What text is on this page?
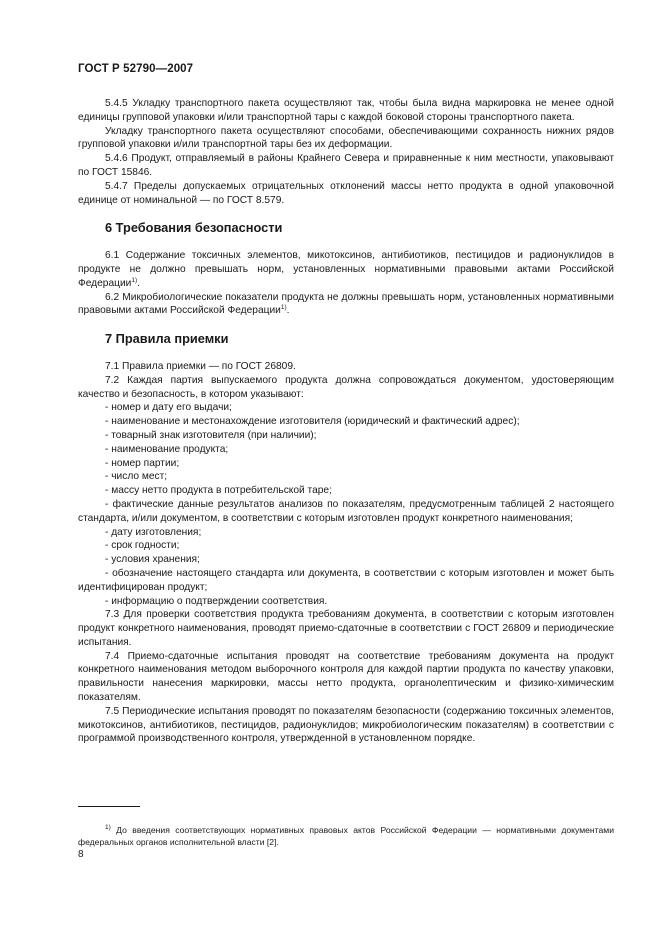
ГОСТ Р 52790—2007

5.4.5 Укладку транспортного пакета осуществляют так, чтобы была видна маркировка не менее одной единицы групповой упаковки и/или транспортной тары с каждой боковой стороны транспортного пакета.

Укладку транспортного пакета осуществляют способами, обеспечивающими сохранность нижних рядов групповой упаковки и/или транспортной тары без их деформации.

5.4.6 Продукт, отправляемый в районы Крайнего Севера и приравненные к ним местности, упаковывают по ГОСТ 15846.

5.4.7 Пределы допускаемых отрицательных отклонений массы нетто продукта в одной упаковочной единице от номинальной — по ГОСТ 8.579.

6 Требования безопасности

6.1 Содержание токсичных элементов, микотоксинов, антибиотиков, пестицидов и радионуклидов в продукте не должно превышать норм, установленных нормативными правовыми актами Российской Федерации$^{1)}$.

6.2 Микробиологические показатели продукта не должны превышать норм, установленных нормативными правовыми актами Российской Федерации$^{1)}$.

7 Правила приемки

7.1 Правила приемки — по ГОСТ 26809.

7.2 Каждая партия выпускаемого продукта должна сопровождаться документом, удостоверяющим качество и безопасность, в котором указывают:

- номер и дату его выдачи;

- наименование и местонахождение изготовителя (юридический и фактический адрес);

- товарный знак изготовителя (при наличии);

- наименование продукта;

- номер партии;

- число мест;

- массу нетто продукта в потребительской таре;

- фактические данные результатов анализов по показателям, предусмотренным таблицей 2 настоящего стандарта, и/или документом, в соответствии с которым изготовлен продукт конкретного наименования;

- дату изготовления;

- срок годности;

- условия хранения;

- обозначение настоящего стандарта или документа, в соответствии с которым изготовлен и может быть идентифицирован продукт;

- информацию о подтверждении соответствия.

7.3 Для проверки соответствия продукта требованиям документа, в соответствии с которым изготовлен продукт конкретного наименования, проводят приемо-сдаточные в соответствии с ГОСТ 26809 и периодические испытания.

7.4 Приемо-сдаточные испытания проводят на соответствие требованиям документа на продукт конкретного наименования методом выборочного контроля для каждой партии продукта по качеству упаковки, правильности нанесения маркировки, массы нетто продукта, органолептическим и физико-химическим показателям.

7.5 Периодические испытания проводят по показателям безопасности (содержанию токсичных элементов, микотоксинов, антибиотиков, пестицидов, радионуклидов; микробиологическим показателям) в соответствии с программой производственного контроля, утвержденной в установленном порядке.

$^{1)}$ До введения соответствующих нормативных правовых актов Российской Федерации — нормативными документами федеральных органов исполнительной власти [2].

8
